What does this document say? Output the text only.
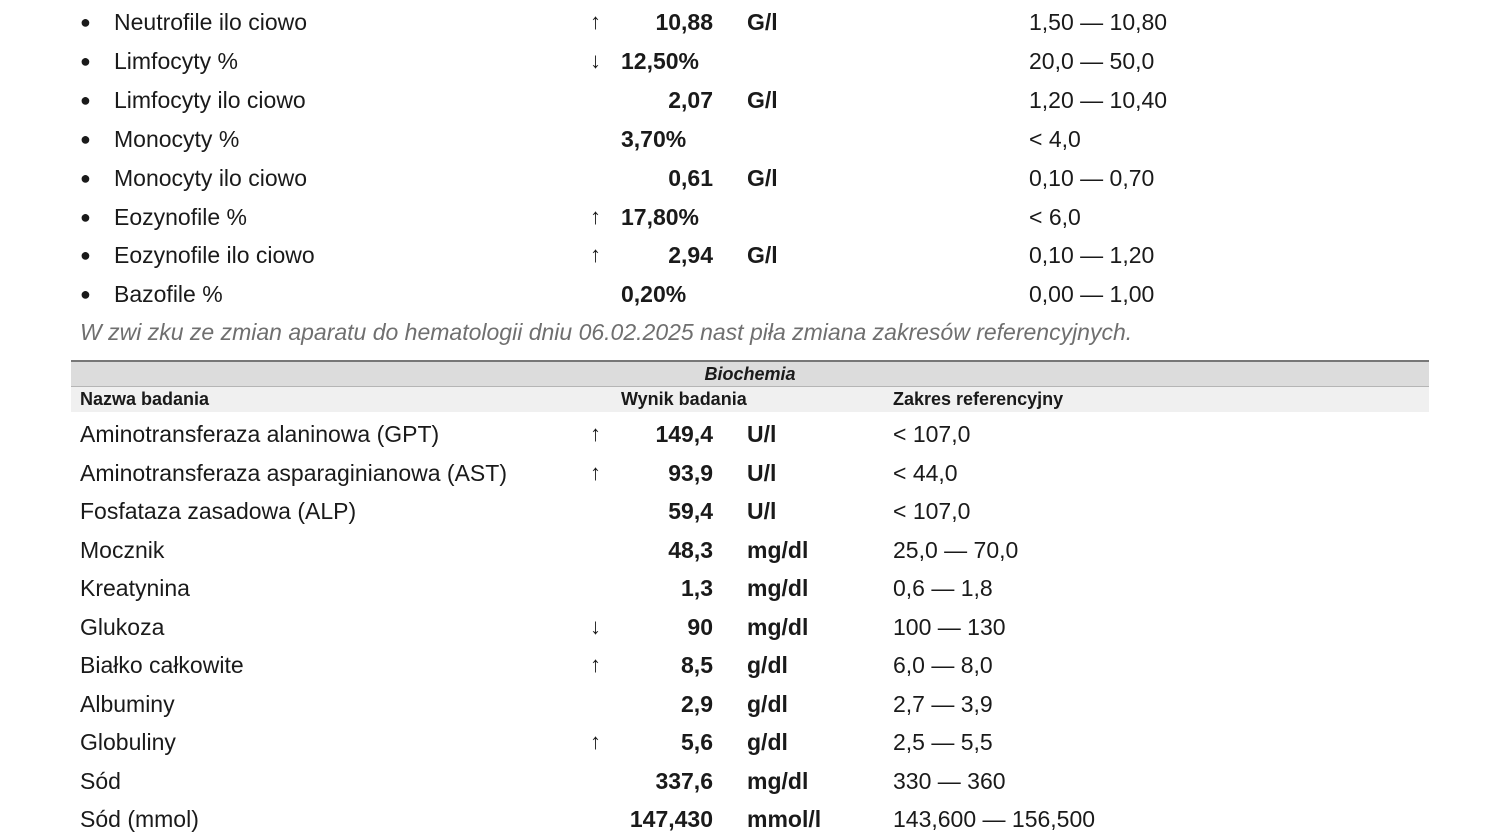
● Neutrofile ilo ciowo	↑ 10,88 G/l	1,50 — 10,80
● Limfocyty %	↓ 12,50%	20,0 — 50,0
● Limfocyty ilo ciowo	2,07 G/l	1,20 — 10,40
● Monocyty %	3,70%	< 4,0
● Monocyty ilo ciowo	0,61 G/l	0,10 — 0,70
● Eozynofile %	↑ 17,80%	< 6,0
● Eozynofile ilo ciowo	↑	2,94 G/l	0,10 — 1,20
● Bazofile %	0,20%	0,00 — 1,00
W zwi zku ze zmian aparatu do hematologii dniu 06.02.2025 nast piła zmiana zakresów referencyjnych.
Biochemia
Nazwa badania	Wynik badania	Zakres referencyjny
Aminotransferaza alaninowa (GPT)	↑ 149,4 U/l	< 107,0
Aminotransferaza asparaginianowa (AST)	↑	93,9 U/l	< 44,0
Fosfataza zasadowa (ALP)	59,4 U/l	< 107,0
Mocznik	48,3 mg/dl	25,0 — 70,0
Kreatynina	1,3 mg/dl	0,6 — 1,8
Glukoza	↓	90 mg/dl	100 — 130
Białko całkowite	↑	8,5 g/dl	6,0 — 8,0
Albuminy	2,9 g/dl	2,7 — 3,9
Globuliny	↑	5,6 g/dl	2,5 — 5,5
Sód	337,6 mg/dl	330 — 360
Sód (mmol)	147,430 mmol/l	143,600 — 156,500
